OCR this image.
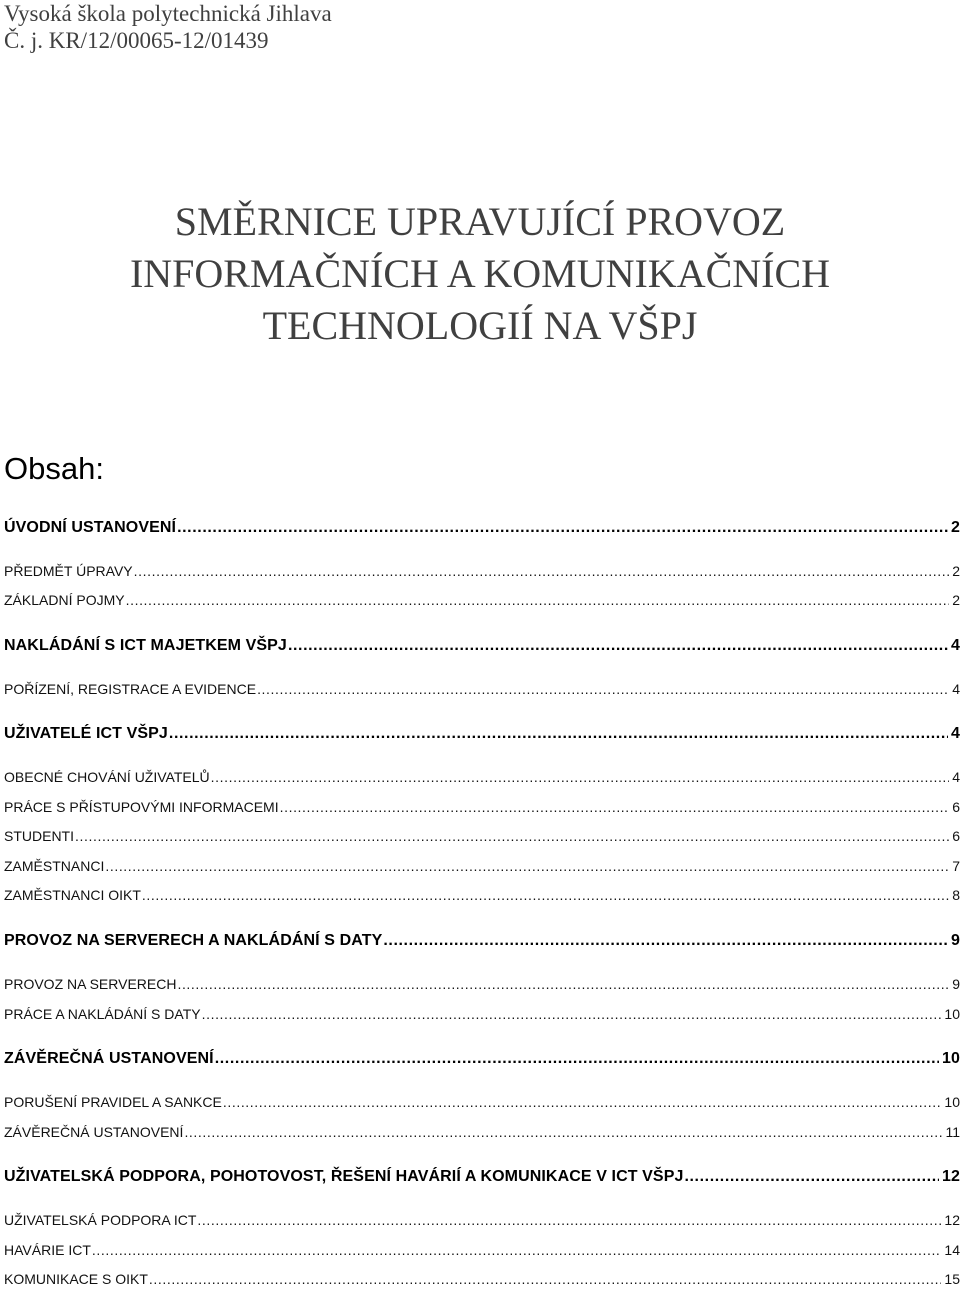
Vysoká škola polytechnická Jihlava
Č. j. KR/12/00065-12/01439
SMĚRNICE UPRAVUJÍCÍ PROVOZ
INFORMAČNÍCH A KOMUNIKAČNÍCH
TECHNOLOGIÍ NA VŠPJ
Obsah:
ÚVODNÍ USTANOVENÍ .....	2
PŘEDMĚT ÚPRAVY .....	2
ZÁKLADNÍ POJMY .....	2
NAKLÁDÁNÍ S ICT MAJETKEM VŠPJ .....	4
POŘÍZENÍ, REGISTRACE A EVIDENCE .....	4
UŽIVATELÉ ICT VŠPJ .....	4
OBECNÉ CHOVÁNÍ UŽIVATELŮ .....	4
PRÁCE S PŘÍSTUPOVÝMI INFORMACEMI .....	6
STUDENTI .....	6
ZAMĚSTNANCI .....	7
ZAMĚSTNANCI OIKT .....	8
PROVOZ NA SERVERECH A NAKLÁDÁNÍ S DATY .....	9
PROVOZ NA SERVERECH .....	9
PRÁCE A NAKLÁDÁNÍ S DATY .....	10
ZÁVĚREČNÁ USTANOVENÍ .....	10
PORUŠENÍ PRAVIDEL A SANKCE .....	10
ZÁVĚREČNÁ USTANOVENÍ .....	11
UŽIVATELSKÁ PODPORA, POHOTOVOST, ŘEŠENÍ HAVÁRIÍ A KOMUNIKACE V ICT VŠPJ .....	12
UŽIVATELSKÁ PODPORA ICT .....	12
HAVÁRIE ICT .....	14
KOMUNIKACE S OIKT .....	15
